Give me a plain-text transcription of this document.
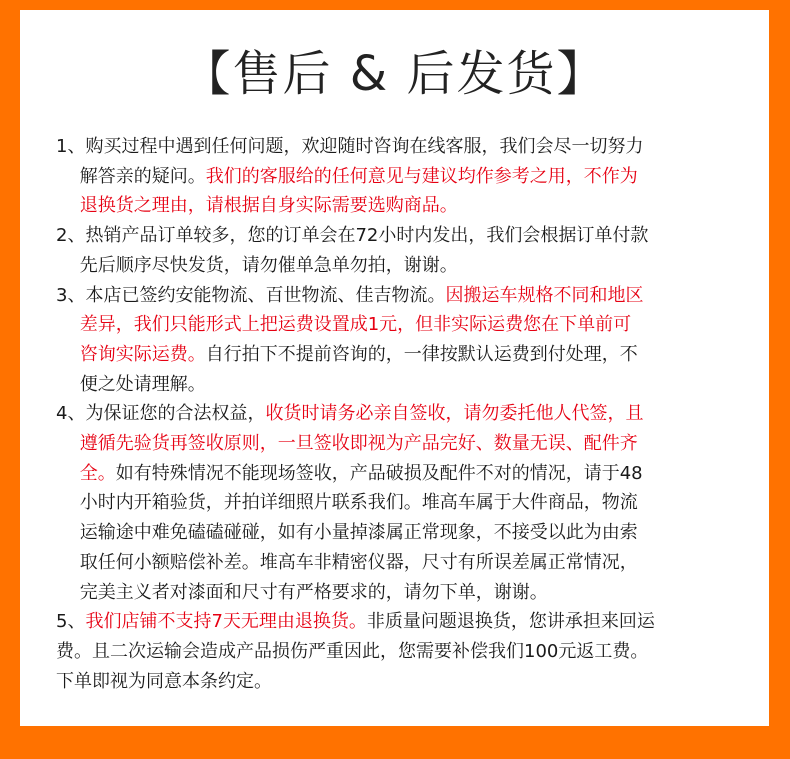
【售后 & 后发货】
1、购买过程中遇到任何问题，欢迎随时咨询在线客服，我们会尽一切努力
　 解答亲的疑问。我们的客服给的任何意见与建议均作参考之用，不作为
　 退换货之理由，请根据自身实际需要选购商品。
2、热销产品订单较多，您的订单会在72小时内发出，我们会根据订单付款
　 先后顺序尽快发货，请勿催单急单勿拍，谢谢。
3、本店已签约安能物流、百世物流、佳吉物流。因搬运车规格不同和地区
　 差异，我们只能形式上把运费设置成1元，但非实际运费您在下单前可
　 咨询实际运费。自行拍下不提前咨询的，一律按默认运费到付处理，不
　 便之处请理解。
4、为保证您的合法权益，收货时请务必亲自签收，请勿委托他人代签，且
　 遵循先验货再签收原则，一旦签收即视为产品完好、数量无误、配件齐
　 全。如有特殊情况不能现场签收，产品破损及配件不对的情况，请于48
　 小时内开箱验货，并拍详细照片联系我们。堆高车属于大件商品，物流
　 运输途中难免磕磕碰碰，如有小量掉漆属正常现象，不接受以此为由索
　 取任何小额赔偿补差。堆高车非精密仪器，尺寸有所误差属正常情况，
　 完美主义者对漆面和尺寸有严格要求的，请勿下单，谢谢。
5、我们店铺不支持7天无理由退换货。非质量问题退换货，您讲承担来回运
费。且二次运输会造成产品损伤严重因此，您需要补偿我们100元返工费。
下单即视为同意本条约定。
